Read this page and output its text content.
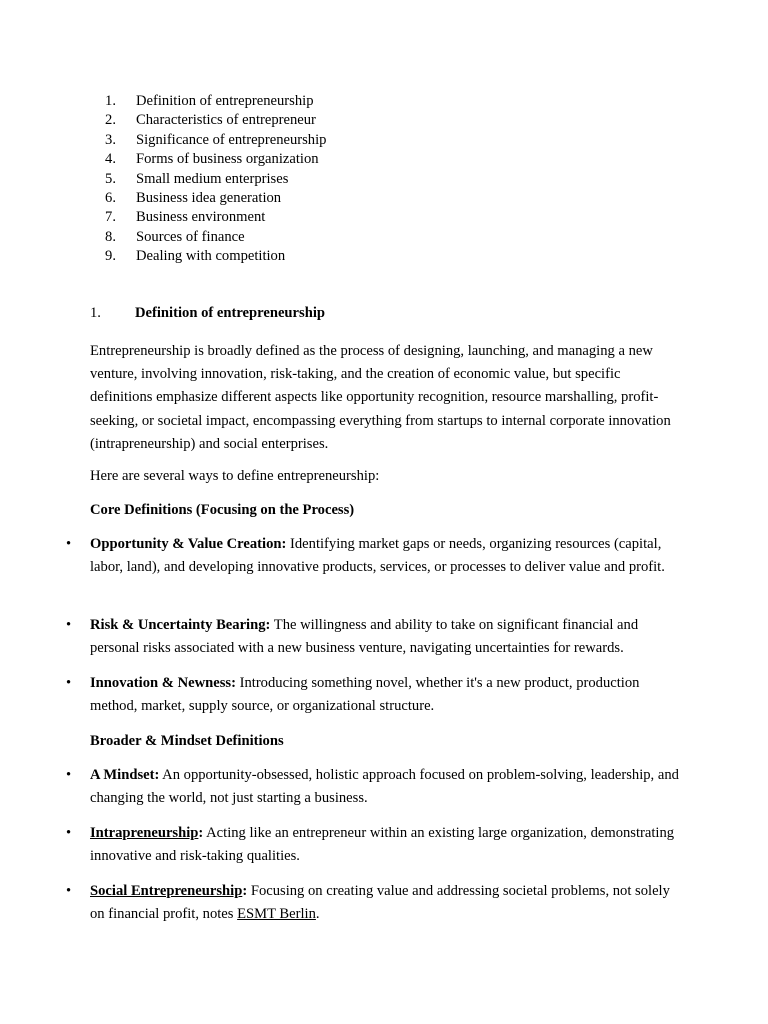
1.	Definition of entrepreneurship
2.	Characteristics of entrepreneur
3.	Significance of entrepreneurship
4.	Forms of business organization
5.	Small medium enterprises
6.	Business idea generation
7.	Business environment
8.	Sources of finance
9.	Dealing with competition
1. Definition of entrepreneurship

Entrepreneurship is broadly defined as the process of designing, launching, and managing a new venture, involving innovation, risk-taking, and the creation of economic value, but specific definitions emphasize different aspects like opportunity recognition, resource marshalling, profit-seeking, or societal impact, encompassing everything from startups to internal corporate innovation (intrapreneurship) and social enterprises.

Here are several ways to define entrepreneurship:

Core Definitions (Focusing on the Process)

• Opportunity & Value Creation: Identifying market gaps or needs, organizing resources (capital, labor, land), and developing innovative products, services, or processes to deliver value and profit.
• Risk & Uncertainty Bearing: The willingness and ability to take on significant financial and personal risks associated with a new business venture, navigating uncertainties for rewards.
• Innovation & Newness: Introducing something novel, whether it's a new product, production method, market, supply source, or organizational structure.

Broader & Mindset Definitions

• A Mindset: An opportunity-obsessed, holistic approach focused on problem-solving, leadership, and changing the world, not just starting a business.
• Intrapreneurship: Acting like an entrepreneur within an existing large organization, demonstrating innovative and risk-taking qualities.
• Social Entrepreneurship: Focusing on creating value and addressing societal problems, not solely on financial profit, notes ESMT Berlin.
